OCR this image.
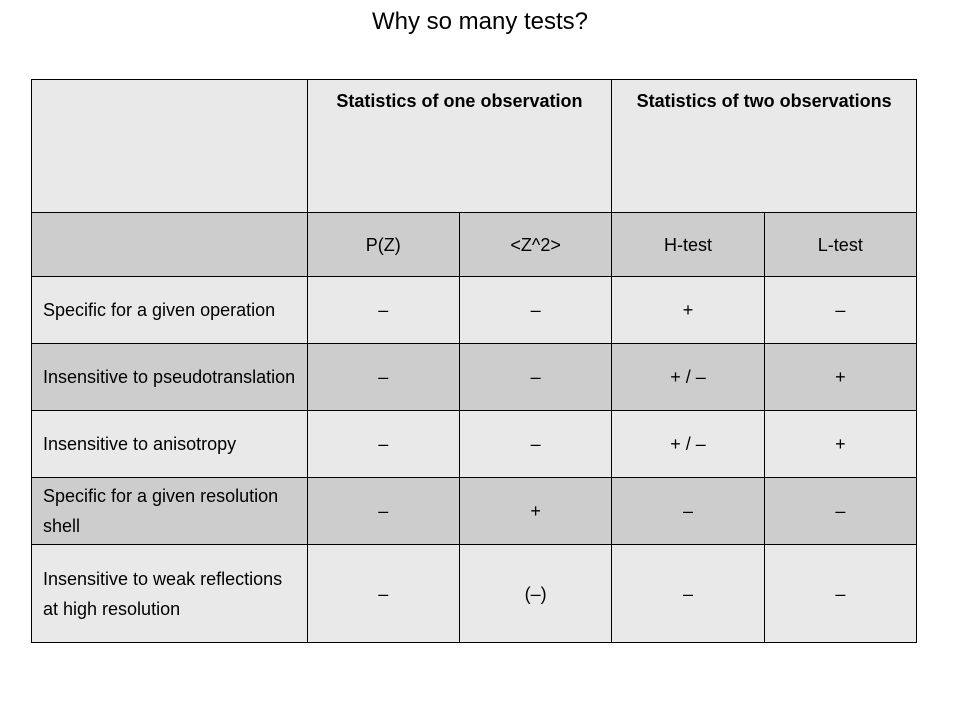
Why so many tests?
	Statistics of one observation		Statistics of two observations	
	P(Z)	<Z^2>	H-test	L-test
Specific for a given operation	–	–	+	–
Insensitive to pseudotranslation	–	–	+ / –	+
Insensitive to anisotropy	–	–	+ / –	+
Specific for a given resolution shell	–	+	–	–
Insensitive to weak reflections at high resolution	–	(–)	–	–
